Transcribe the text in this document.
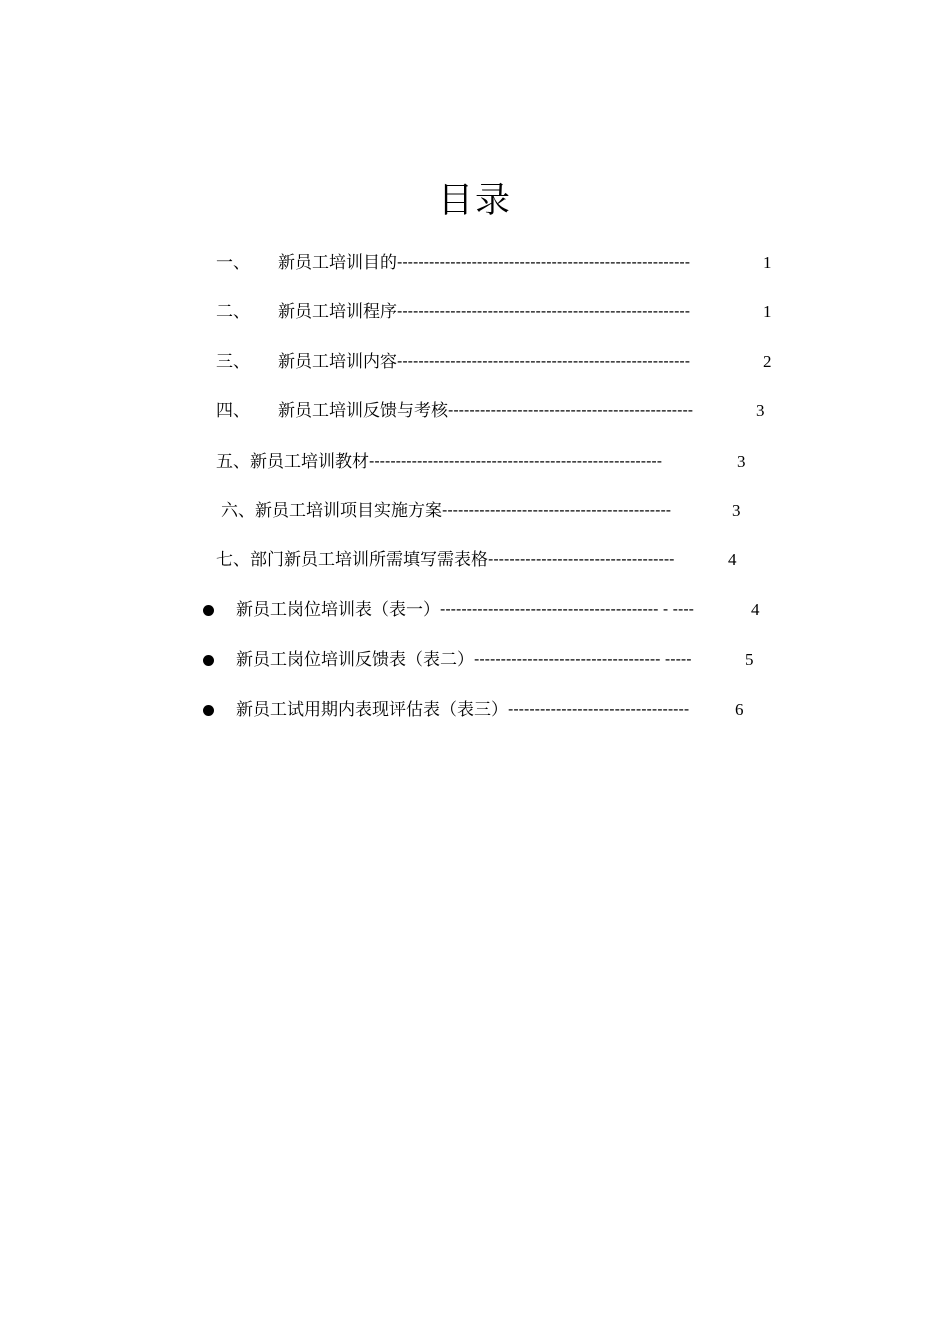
目录
一、	新员工培训目的 -------------------------------------------------------	1
二、	新员工培训程序 -------------------------------------------------------	1
三、	新员工培训内容 -------------------------------------------------------	2
四、	新员工培训反馈与考核 ----------------------------------------------	3
五、 新员工培训教材 -------------------------------------------------------	3
六、 新员工培训项目实施方案 -------------------------------------------	3
七、 部门新员工培训所需填写需表格 -----------------------------------	4
新员工岗位培训表（表一） ----------------------------------------- - ----	4
新员工岗位培训反馈表（表二） ----------------------------------- -----	5
新员工试用期内表现评估表（表三） ----------------------------------	6
